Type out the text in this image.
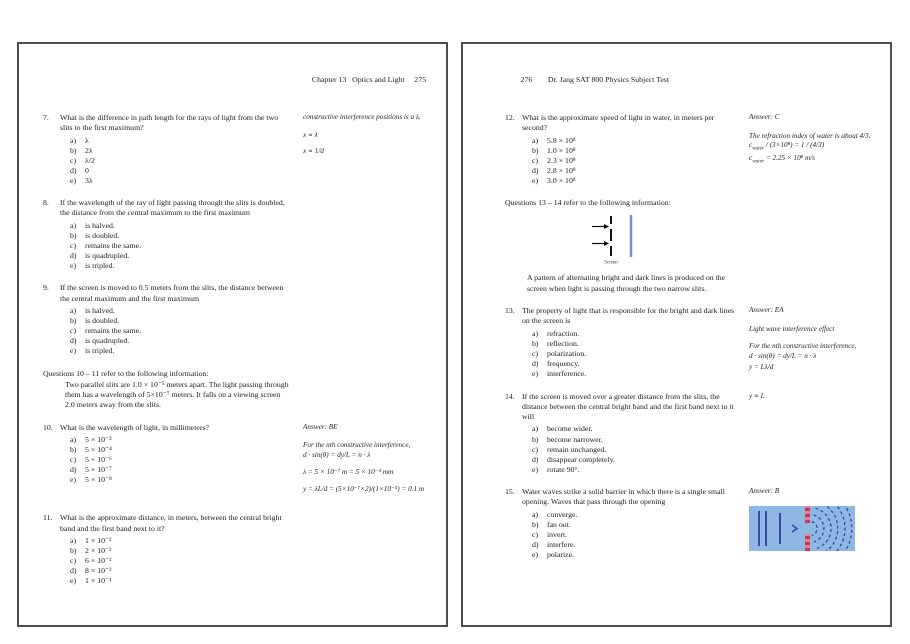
Chapter 13   Optics and Light     275

7.	What is the difference in path length for the rays of light from the two slits to the first maximum?
a)	λ
b)	2λ
c)	λ/2
d)	0
e)	3λ

constructive interference positions is a λ.

x ∝ λ

x ∝ 1/d

8.	If the wavelength of the ray of light passing through the slits is doubled, the distance from the central maximum to the first maximum
a)	is halved.
b)	is doubled.
c)	remains the same.
d)	is quadrupled.
e)	is tripled.
9.	If the screen is moved to 0.5 meters from the slits, the distance between the central maximum and the first maximum
a)	is halved.
b)	is doubled.
c)	remains the same.
d)	is quadrupled.
e)	is tripled.
Questions 10 – 11 refer to the following information:
Two parallel slits are 1.0 × 10⁻⁵ meters apart. The light passing through them has a wavelength of 5×10⁻⁷ meters. It falls on a viewing screen 2.0 meters away from the slits.
10. What is the wavelength of light, in millimeters?
a)	5 × 10⁻³
b)	5 × 10⁻⁴
c)	5 × 10⁻⁶
d)	5 × 10⁻⁷
e)	5 × 10⁻⁸

Answer: BE

For the nth constructive interference,

d · sin(θ) = dy/L = n · λ

λ = 5 × 10⁻⁷ m = 5 × 10⁻⁴ mm

y = λL/d = (5×10⁻⁷×2)/(1×10⁻⁵) = 0.1 m

11. What is the approximate distance, in meters, between the central bright band and the first band next to it?
a)	1 × 10⁻²
b)	2 × 10⁻²
c)	6 × 10⁻²
d)	8 × 10⁻²
e)	1 × 10⁻¹

276        Dr. Jang SAT 800 Physics Subject Test

12. What is the approximate speed of light in water, in meters per second?
a)	5.8 × 10⁸
b)	1.0 × 10⁸
c)	2.3 × 10⁸
d)	2.8 × 10⁸
e)	3.0 × 10⁸

Answer: C

The refraction index of water is about 4/3.

$c_{water} / (3\times 10^8) = 1 / (4/3)$

$c_{water} = 2.25 \times 10^8$ m/s

Questions 13 – 14 refer to the following information:
Screen
A pattern of alternating bright and dark lines is produced on the screen when light is passing through the two narrow slits.
13. The property of light that is responsible for the bright and dark lines on the screen is
a)	refraction.
b)	reflection.
c)	polarization.
d)	frequency.
e)	interference.

Answer: EA

Light wave interference effect

For the nth constructive interference,

d · sin(θ) = dy/L = n · λ

y = Lλ/d

14. If the screen is moved over a greater distance from the slits, the distance between the central bright band and the first band next to it will
a)	become wider.
b)	become narrower.
c)	remain unchanged.
d)	disappear completely.
e)	rotate 90°.

y ∝ L

15. Water waves strike a solid barrier in which there is a single small opening. Waves that pass through the opening
a)	converge.
b)	fan out.
c)	invert.
d)	interfere.
e)	polarize.

Answer: B
